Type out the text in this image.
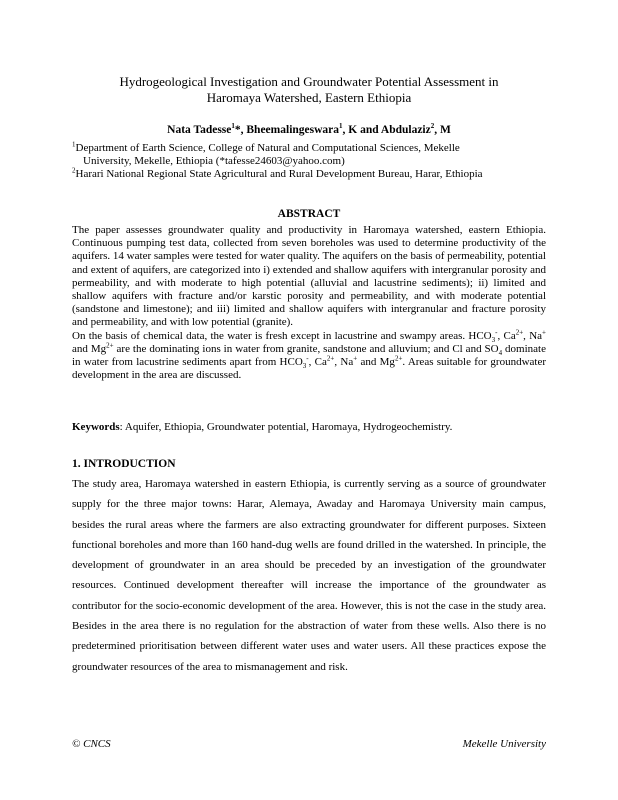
Hydrogeological Investigation and Groundwater Potential Assessment in
Haromaya Watershed, Eastern Ethiopia
Nata Tadesse$^1$*, Bheemalingeswara$^1$, K and Abdulaziz$^2$, M
$^1$Department of Earth Science, College of Natural and Computational Sciences, Mekelle
University, Mekelle, Ethiopia (*tafesse24603@yahoo.com)
$^2$Harari National Regional State Agricultural and Rural Development Bureau, Harar, Ethiopia
ABSTRACT

The paper assesses groundwater quality and productivity in Haromaya watershed, eastern Ethiopia. Continuous pumping test data, collected from seven boreholes was used to determine productivity of the aquifers. 14 water samples were tested for water quality. The aquifers on the basis of permeability, potential and extent of aquifers, are categorized into i) extended and shallow aquifers with intergranular porosity and permeability, and with moderate to high potential (alluvial and lacustrine sediments); ii) limited and shallow aquifers with fracture and/or karstic porosity and permeability, and with moderate potential (sandstone and limestone); and iii) limited and shallow aquifers with intergranular and fracture porosity and permeability, and with low potential (granite).

On the basis of chemical data, the water is fresh except in lacustrine and swampy areas. $HCO_3^-$, $Ca^{2+}$, Na+ and $Mg^{2+}$ are the dominating ions in water from granite, sandstone and alluvium; and Cl and $SO_4$ dominate in water from lacustrine sediments apart from $HCO_3^-$, $Ca^{2+}$, Na+ and $Mg^{2+}$. Areas suitable for groundwater development in the area are discussed.

Keywords: Aquifer, Ethiopia, Groundwater potential, Haromaya, Hydrogeochemistry.
1. INTRODUCTION

The study area, Haromaya watershed in eastern Ethiopia, is currently serving as a source of groundwater supply for the three major towns: Harar, Alemaya, Awaday and Haromaya University main campus, besides the rural areas where the farmers are also extracting groundwater for different purposes. Sixteen functional boreholes and more than 160 hand-dug wells are found drilled in the watershed. In principle, the development of groundwater in an area should be preceded by an investigation of the groundwater resources. Continued development thereafter will increase the importance of the groundwater as contributor for the socio-economic development of the area. However, this is not the case in the study area. Besides in the area there is no regulation for the abstraction of water from these wells. Also there is no predetermined prioritisation between different water uses and water users. All these practices expose the groundwater resources of the area to mismanagement and risk.

© CNCS	Mekelle University
